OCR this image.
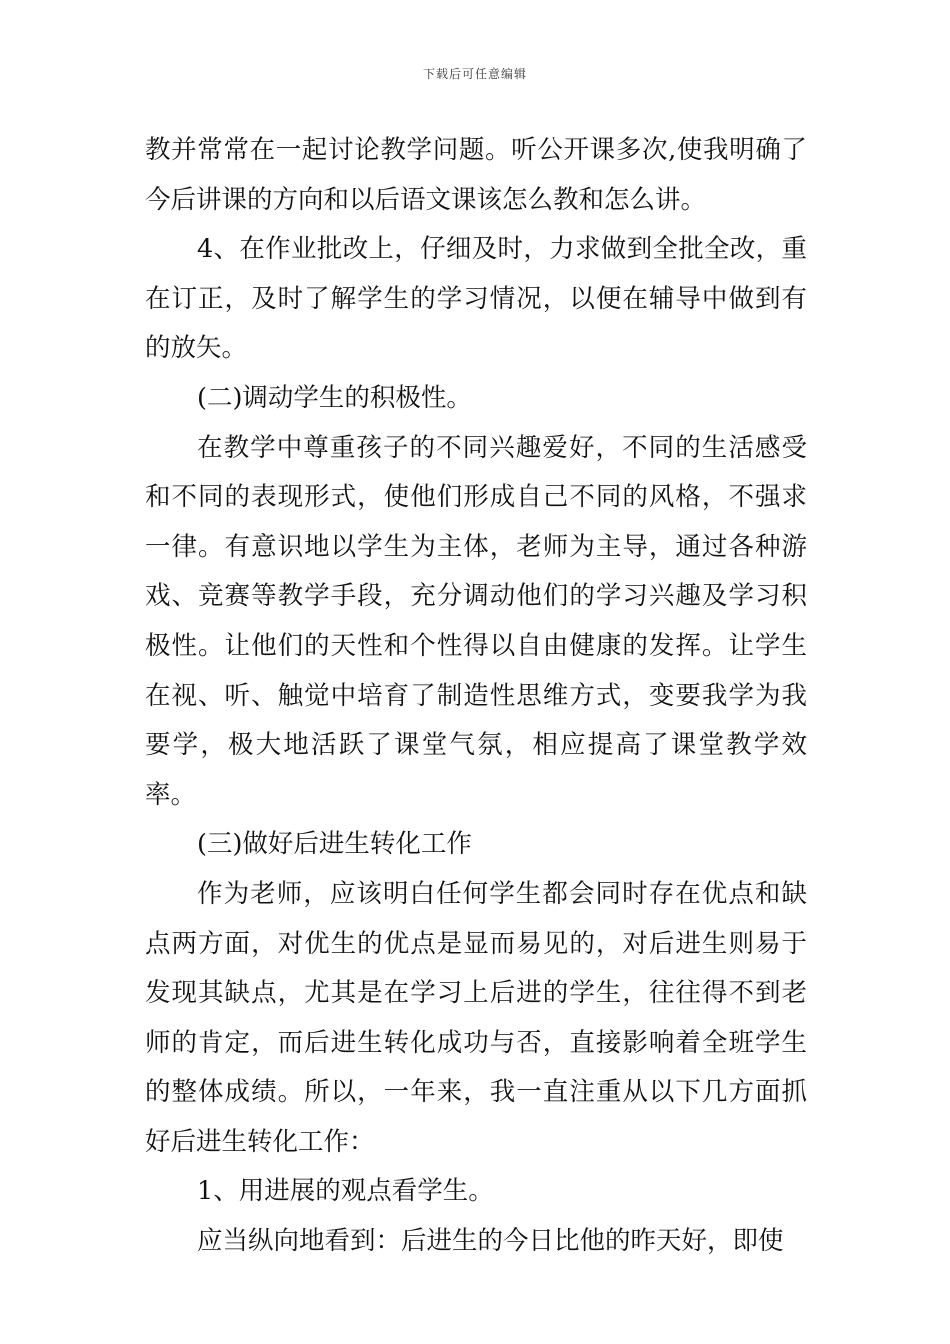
下载后可任意编辑

教并常常在一起讨论教学问题。听公开课多次,使我明确了今后讲课的方向和以后语文课该怎么教和怎么讲。

4、在作业批改上，仔细及时，力求做到全批全改，重在订正，及时了解学生的学习情况，以便在辅导中做到有的放矢。

(二)调动学生的积极性。

在教学中尊重孩子的不同兴趣爱好，不同的生活感受和不同的表现形式，使他们形成自己不同的风格，不强求一律。有意识地以学生为主体，老师为主导，通过各种游戏、竞赛等教学手段，充分调动他们的学习兴趣及学习积极性。让他们的天性和个性得以自由健康的发挥。让学生在视、听、触觉中培育了制造性思维方式，变要我学为我要学，极大地活跃了课堂气氛，相应提高了课堂教学效率。

(三)做好后进生转化工作

作为老师，应该明白任何学生都会同时存在优点和缺点两方面，对优生的优点是显而易见的，对后进生则易于发现其缺点，尤其是在学习上后进的学生，往往得不到老师的肯定，而后进生转化成功与否，直接影响着全班学生的整体成绩。所以，一年来，我一直注重从以下几方面抓好后进生转化工作：

1、用进展的观点看学生。

应当纵向地看到：后进生的今日比他的昨天好，即使
